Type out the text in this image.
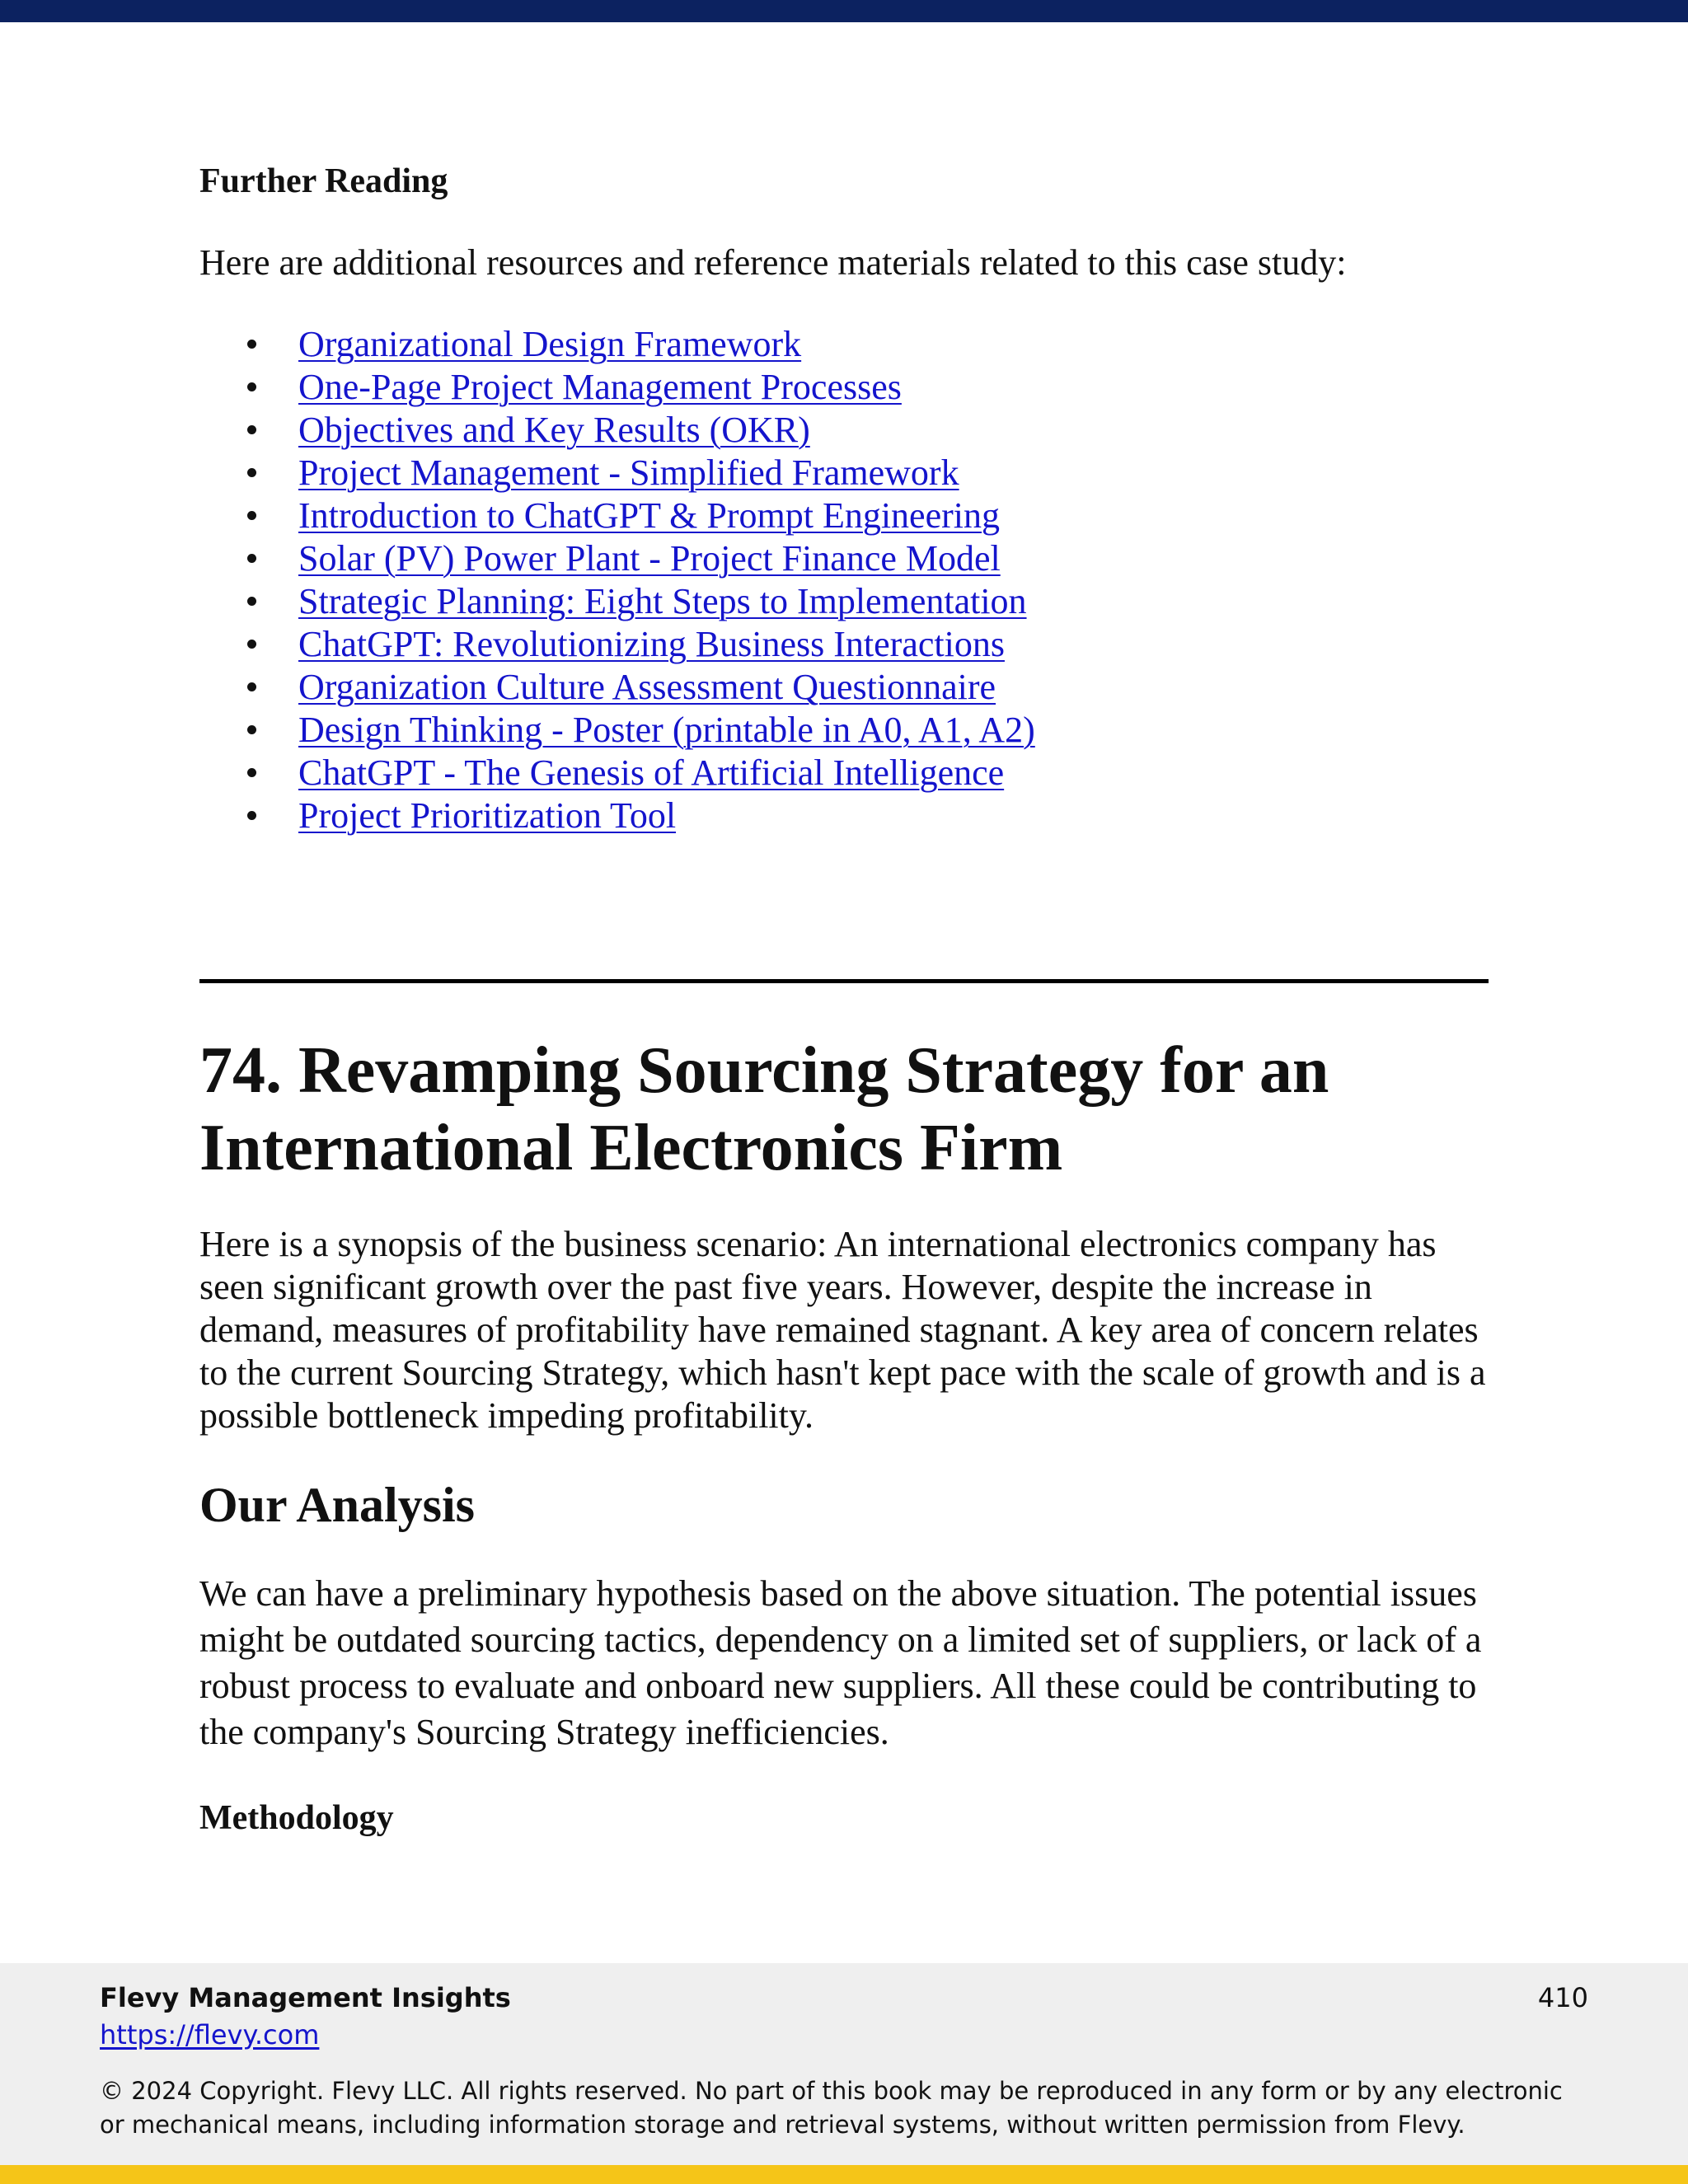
Further Reading

Here are additional resources and reference materials related to this case study:

Organizational Design Framework
One-Page Project Management Processes
Objectives and Key Results (OKR)
Project Management - Simplified Framework
Introduction to ChatGPT & Prompt Engineering
Solar (PV) Power Plant - Project Finance Model
Strategic Planning: Eight Steps to Implementation
ChatGPT: Revolutionizing Business Interactions
Organization Culture Assessment Questionnaire
Design Thinking - Poster (printable in A0, A1, A2)
ChatGPT - The Genesis of Artificial Intelligence
Project Prioritization Tool
74. Revamping Sourcing Strategy for an International Electronics Firm

Here is a synopsis of the business scenario: An international electronics company has seen significant growth over the past five years. However, despite the increase in demand, measures of profitability have remained stagnant. A key area of concern relates to the current Sourcing Strategy, which hasn't kept pace with the scale of growth and is a possible bottleneck impeding profitability.

Our Analysis

We can have a preliminary hypothesis based on the above situation. The potential issues might be outdated sourcing tactics, dependency on a limited set of suppliers, or lack of a robust process to evaluate and onboard new suppliers. All these could be contributing to the company's Sourcing Strategy inefficiencies.

Methodology

Flevy Management Insights

https://flevy.com
410

© 2024 Copyright. Flevy LLC. All rights reserved. No part of this book may be reproduced in any form or by any electronic or mechanical means, including information storage and retrieval systems, without written permission from Flevy.
